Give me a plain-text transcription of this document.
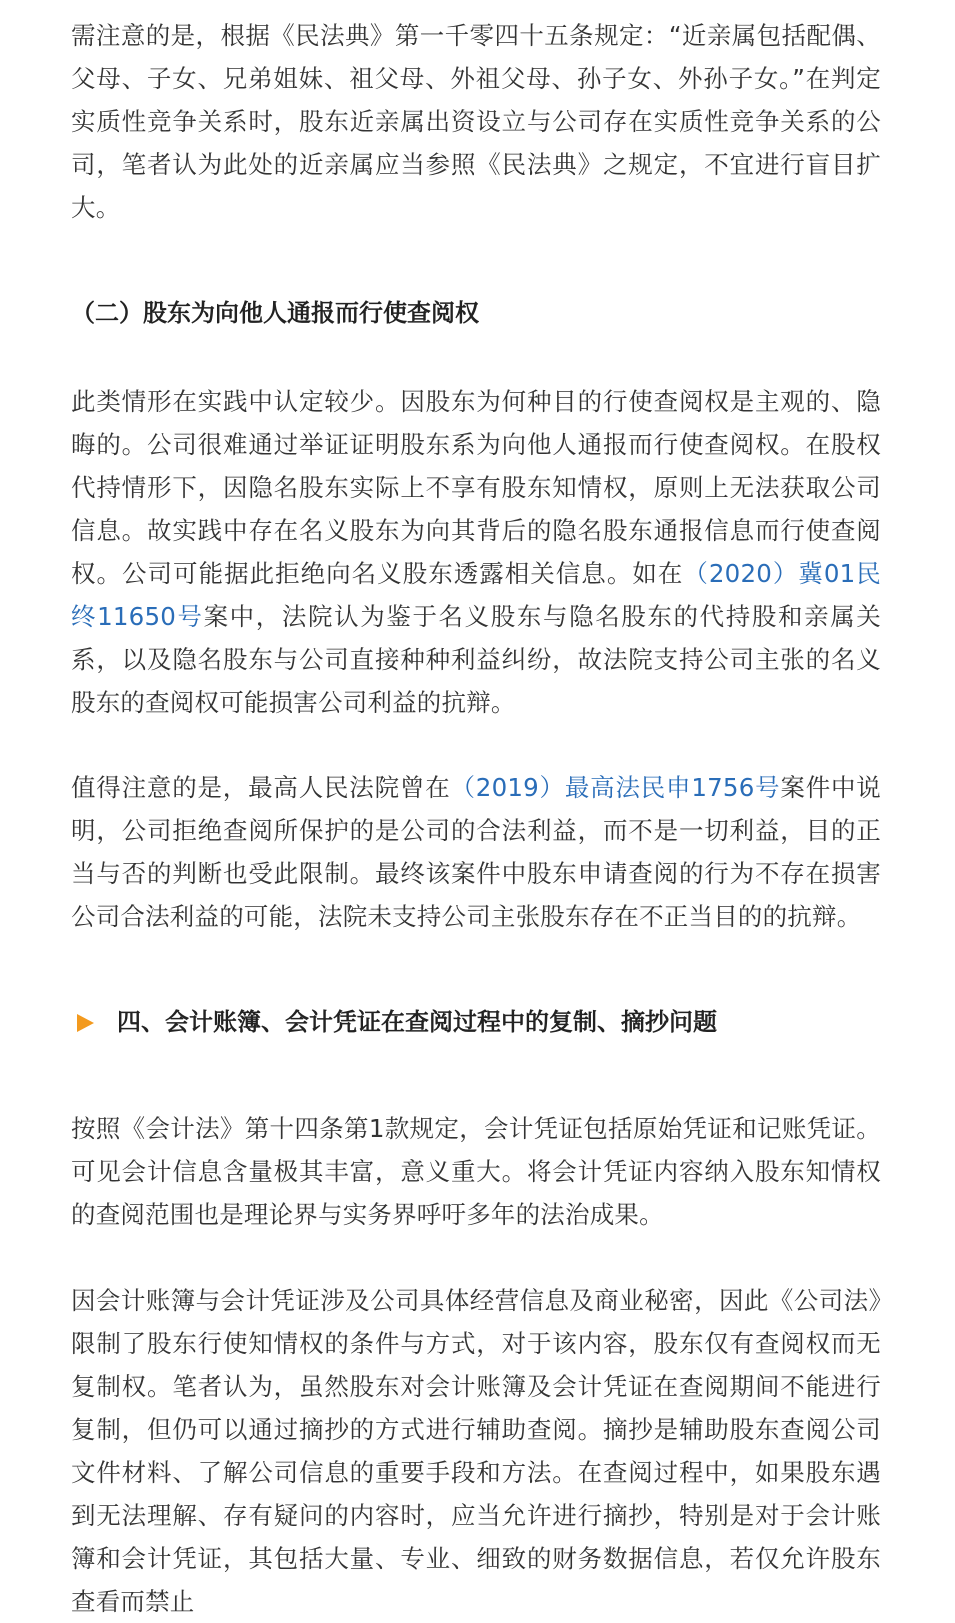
需注意的是，根据《民法典》第一千零四十五条规定：“近亲属包括配偶、父母、子女、兄弟姐妹、祖父母、外祖父母、孙子女、外孙子女。”在判定实质性竞争关系时，股东近亲属出资设立与公司存在实质性竞争关系的公司，笔者认为此处的近亲属应当参照《民法典》之规定，不宜进行盲目扩大。

（二）股东为向他人通报而行使查阅权

此类情形在实践中认定较少。因股东为何种目的行使查阅权是主观的、隐晦的。公司很难通过举证证明股东系为向他人通报而行使查阅权。在股权代持情形下，因隐名股东实际上不享有股东知情权，原则上无法获取公司信息。故实践中存在名义股东为向其背后的隐名股东通报信息而行使查阅权。公司可能据此拒绝向名义股东透露相关信息。如在（2020）冀01民终11650号案中，法院认为鉴于名义股东与隐名股东的代持股和亲属关系，以及隐名股东与公司直接种种利益纠纷，故法院支持公司主张的名义股东的查阅权可能损害公司利益的抗辩。

值得注意的是，最高人民法院曾在（2019）最高法民申1756号案件中说明，公司拒绝查阅所保护的是公司的合法利益，而不是一切利益，目的正当与否的判断也受此限制。最终该案件中股东申请查阅的行为不存在损害公司合法利益的可能，法院未支持公司主张股东存在不正当目的的抗辩。

四、会计账簿、会计凭证在查阅过程中的复制、摘抄问题

按照《会计法》第十四条第1款规定，会计凭证包括原始凭证和记账凭证。可见会计信息含量极其丰富，意义重大。将会计凭证内容纳入股东知情权的查阅范围也是理论界与实务界呼吁多年的法治成果。

因会计账簿与会计凭证涉及公司具体经营信息及商业秘密，因此《公司法》限制了股东行使知情权的条件与方式，对于该内容，股东仅有查阅权而无复制权。笔者认为，虽然股东对会计账簿及会计凭证在查阅期间不能进行复制，但仍可以通过摘抄的方式进行辅助查阅。摘抄是辅助股东查阅公司文件材料、了解公司信息的重要手段和方法。在查阅过程中，如果股东遇到无法理解、存有疑问的内容时，应当允许进行摘抄，特别是对于会计账簿和会计凭证，其包括大量、专业、细致的财务数据信息，若仅允许股东查看而禁止
